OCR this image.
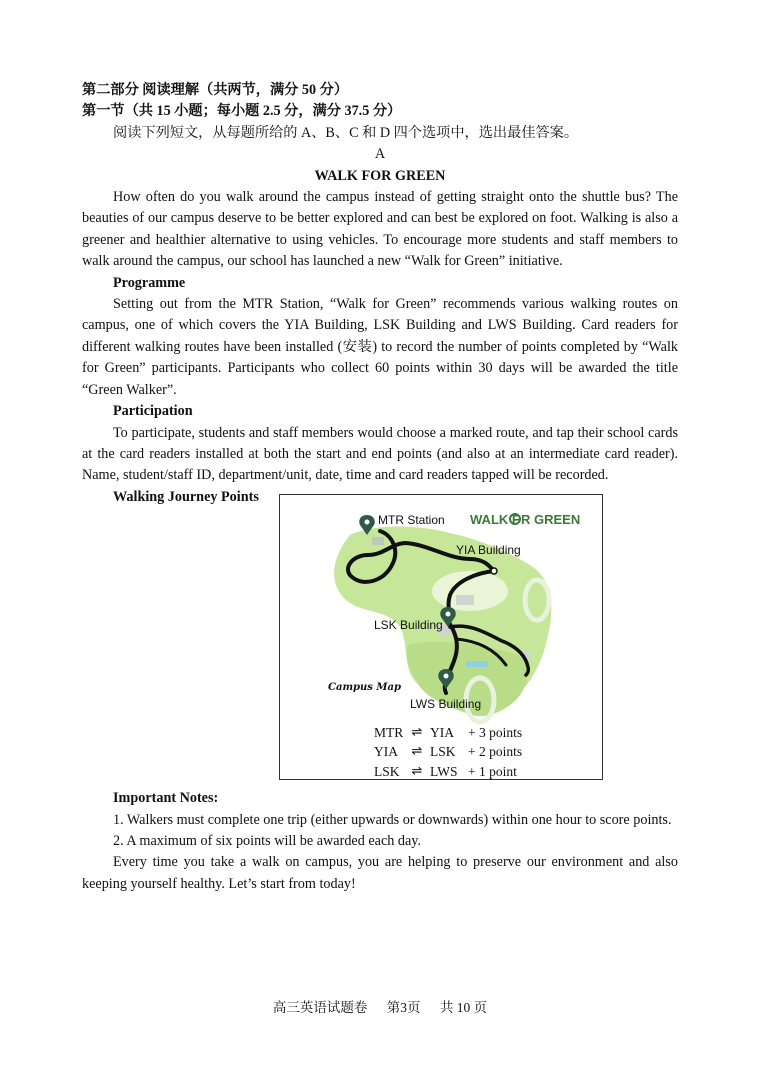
第二部分 阅读理解（共两节，满分 50 分）
第一节（共 15 小题；每小题 2.5 分，满分 37.5 分）
阅读下列短文，从每题所给的 A、B、C 和 D 四个选项中，选出最佳答案。
A
WALK FOR GREEN
How often do you walk around the campus instead of getting straight onto the shuttle bus? The beauties of our campus deserve to be better explored and can best be explored on foot. Walking is also a greener and healthier alternative to using vehicles. To encourage more students and staff members to walk around the campus, our school has launched a new “Walk for Green” initiative.
Programme
Setting out from the MTR Station, “Walk for Green” recommends various walking routes on campus, one of which covers the YIA Building, LSK Building and LWS Building. Card readers for different walking routes have been installed (安装) to record the number of points completed by “Walk for Green” participants. Participants who collect 60 points within 30 days will be awarded the title “Green Walker”.
Participation
To participate, students and staff members would choose a marked route, and tap their school cards at the card readers installed at both the start and end points (and also at an intermediate card reader). Name, student/staff ID, department/unit, date, time and card readers tapped will be recorded.
Walking Journey Points
MTR Station
YIA Building
LSK Building
LWS Building
Campus Map
WALK F R GREEN
MTR ⇌ YIA	+ 3 points
YIA	⇌ LSK + 2 points
LSK ⇌ LWS + 1 point
Important Notes:
1. Walkers must complete one trip (either upwards or downwards) within one hour to score points.
2. A maximum of six points will be awarded each day.
Every time you take a walk on campus, you are helping to preserve our environment and also keeping yourself healthy. Let’s start from today!
高三英语试题卷 第3页 共 10 页
